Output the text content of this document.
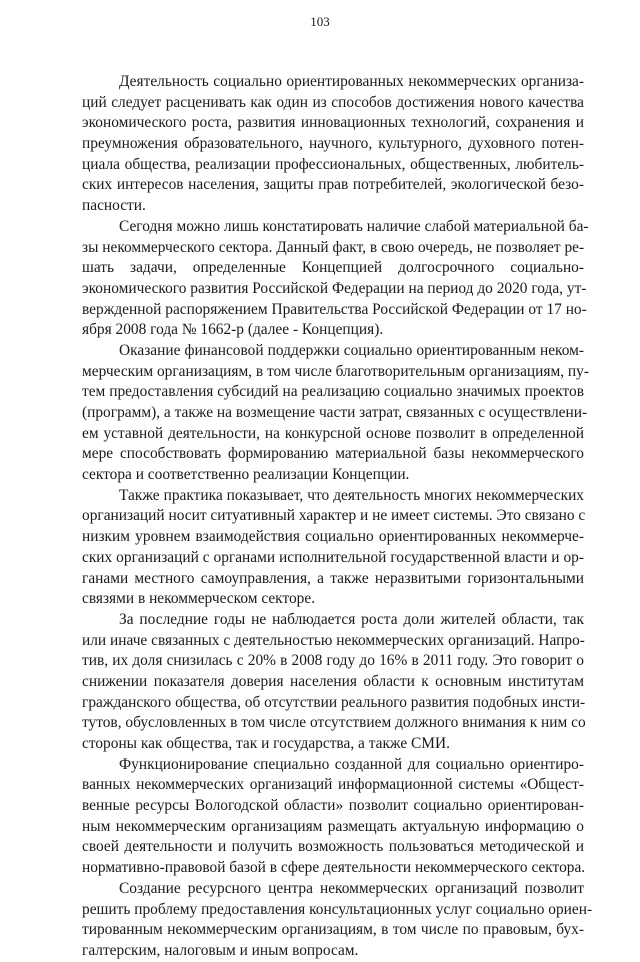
103
Деятельность социально ориентированных некоммерческих организа-
ций следует расценивать как один из способов достижения нового качества
экономического роста, развития инновационных технологий, сохранения и
преумножения образовательного, научного, культурного, духовного потен-
циала общества, реализации профессиональных, общественных, любитель-
ских интересов населения, защиты прав потребителей, экологической безо-
пасности.
Сегодня можно лишь констатировать наличие слабой материальной ба-
зы некоммерческого сектора. Данный факт, в свою очередь, не позволяет ре-
шать задачи, определенные Концепцией долгосрочного социально-
экономического развития Российской Федерации на период до 2020 года, ут-
вержденной распоряжением Правительства Российской Федерации от 17 но-
ября 2008 года № 1662-р (далее - Концепция).
Оказание финансовой поддержки социально ориентированным неком-
мерческим организациям, в том числе благотворительным организациям, пу-
тем предоставления субсидий на реализацию социально значимых проектов
(программ), а также на возмещение части затрат, связанных с осуществлени-
ем уставной деятельности, на конкурсной основе позволит в определенной
мере способствовать формированию материальной базы некоммерческого
сектора и соответственно реализации Концепции.
Также практика показывает, что деятельность многих некоммерческих
организаций носит ситуативный характер и не имеет системы. Это связано с
низким уровнем взаимодействия социально ориентированных некоммерче-
ских организаций с органами исполнительной государственной власти и ор-
ганами местного самоуправления, а также неразвитыми горизонтальными
связями в некоммерческом секторе.
За последние годы не наблюдается роста доли жителей области, так
или иначе связанных с деятельностью некоммерческих организаций. Напро-
тив, их доля снизилась с 20% в 2008 году до 16% в 2011 году. Это говорит о
снижении показателя доверия населения области к основным институтам
гражданского общества, об отсутствии реального развития подобных инсти-
тутов, обусловленных в том числе отсутствием должного внимания к ним со
стороны как общества, так и государства, а также СМИ.
Функционирование специально созданной для социально ориентиро-
ванных некоммерческих организаций информационной системы «Общест-
венные ресурсы Вологодской области» позволит социально ориентирован-
ным некоммерческим организациям размещать актуальную информацию о
своей деятельности и получить возможность пользоваться методической и
нормативно-правовой базой в сфере деятельности некоммерческого сектора.
Создание ресурсного центра некоммерческих организаций позволит
решить проблему предоставления консультационных услуг социально ориен-
тированным некоммерческим организациям, в том числе по правовым, бух-
галтерским, налоговым и иным вопросам.
